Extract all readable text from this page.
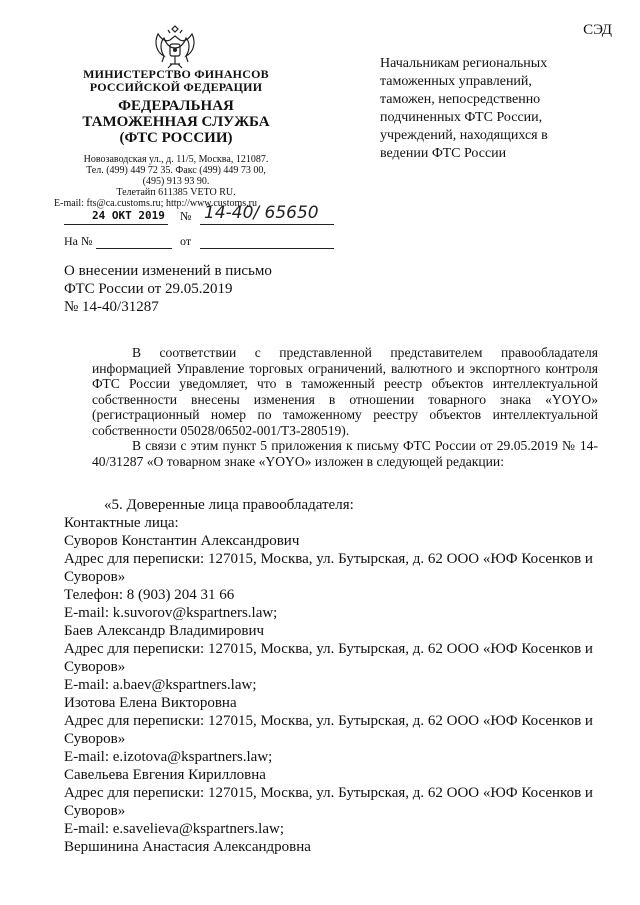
СЭД
МИНИСТЕРСТВО ФИНАНСОВ
РОССИЙСКОЙ ФЕДЕРАЦИИ
ФЕДЕРАЛЬНАЯ
ТАМОЖЕННАЯ СЛУЖБА
(ФТС РОССИИ)
Новозаводская ул., д. 11/5, Москва, 121087.
Тел. (499) 449 72 35. Факс (499) 449 73 00,
(495) 913 93 90.
Телетайп 611385 VETO RU.
E-mail: fts@ca.customs.ru; http://www.customs.ru
24 ОКТ 2019 № 14-40/ 65650
На №	от
Начальникам региональных таможенных управлений, таможен, непосредственно подчиненных ФТС России, учреждений, находящихся в ведении ФТС России
О внесении изменений в письмо
ФТС России от 29.05.2019
№ 14-40/31287

В соответствии с представленной представителем правообладателя информацией Управление торговых ограничений, валютного и экспортного контроля ФТС России уведомляет, что в таможенный реестр объектов интеллектуальной собственности внесены изменения в отношении товарного знака «YOYO» (регистрационный номер по таможенному реестру объектов интеллектуальной собственности 05028/06502-001/ТЗ-280519).

В связи с этим пункт 5 приложения к письму ФТС России от 29.05.2019 № 14-40/31287 «О товарном знаке «YOYO» изложен в следующей редакции:

«5. Доверенные лица правообладателя:
Контактные лица:
Суворов Константин Александрович
Адрес для переписки: 127015, Москва, ул. Бутырская, д. 62 ООО «ЮФ Косенков и Суворов»
Телефон: 8 (903) 204 31 66
E-mail: k.suvorov@kspartners.law;
Баев Александр Владимирович
Адрес для переписки: 127015, Москва, ул. Бутырская, д. 62 ООО «ЮФ Косенков и Суворов»
E-mail: a.baev@kspartners.law;
Изотова Елена Викторовна
Адрес для переписки: 127015, Москва, ул. Бутырская, д. 62 ООО «ЮФ Косенков и Суворов»
E-mail: e.izotova@kspartners.law;
Савельева Евгения Кирилловна
Адрес для переписки: 127015, Москва, ул. Бутырская, д. 62 ООО «ЮФ Косенков и Суворов»
E-mail: e.savelieva@kspartners.law;
Вершинина Анастасия Александровна
